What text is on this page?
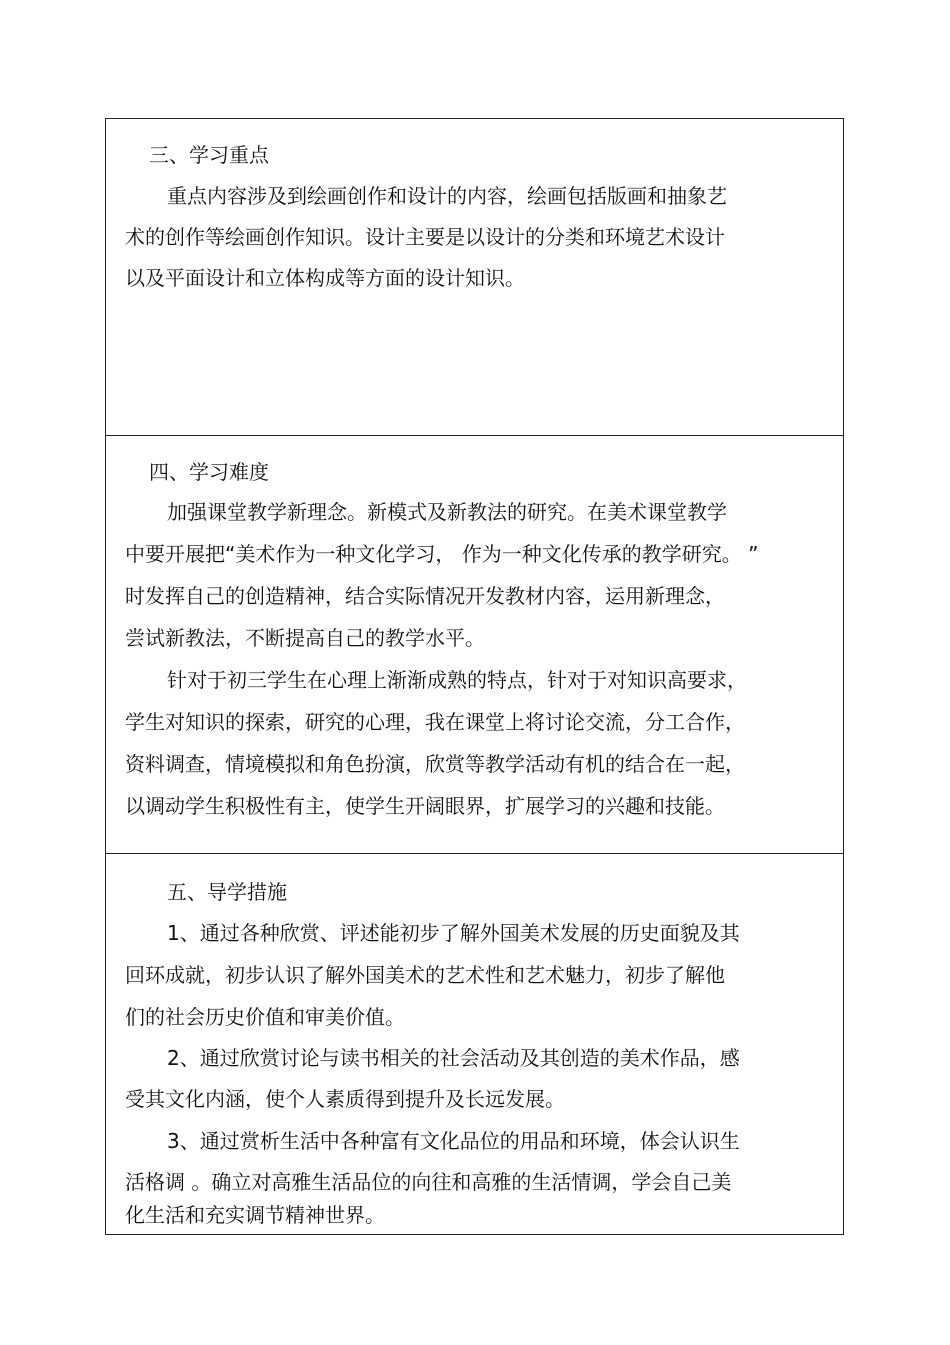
三、学习重点
重点内容涉及到绘画创作和设计的内容，绘画包括版画和抽象艺
术的创作等绘画创作知识。设计主要是以设计的分类和环境艺术设计
以及平面设计和立体构成等方面的设计知识。
四、学习难度
加强课堂教学新理念。新模式及新教法的研究。在美术课堂教学
中要开展把“美术作为一种文化学习， 作为一种文化传承的教学研究。 ”
时发挥自己的创造精神，结合实际情况开发教材内容，运用新理念，
尝试新教法，不断提高自己的教学水平。
针对于初三学生在心理上渐渐成熟的特点，针对于对知识高要求，
学生对知识的探索，研究的心理，我在课堂上将讨论交流，分工合作，
资料调查，情境模拟和角色扮演，欣赏等教学活动有机的结合在一起，
以调动学生积极性有主，使学生开阔眼界，扩展学习的兴趣和技能。
五、导学措施
1、通过各种欣赏、评述能初步了解外国美术发展的历史面貌及其
回环成就，初步认识了解外国美术的艺术性和艺术魅力，初步了解他
们的社会历史价值和审美价值。
2、通过欣赏讨论与读书相关的社会活动及其创造的美术作品，感
受其文化内涵，使个人素质得到提升及长远发展。
3、通过赏析生活中各种富有文化品位的用品和环境，体会认识生
活格调 。确立对高雅生活品位的向往和高雅的生活情调，学会自己美
化生活和充实调节精神世界。
